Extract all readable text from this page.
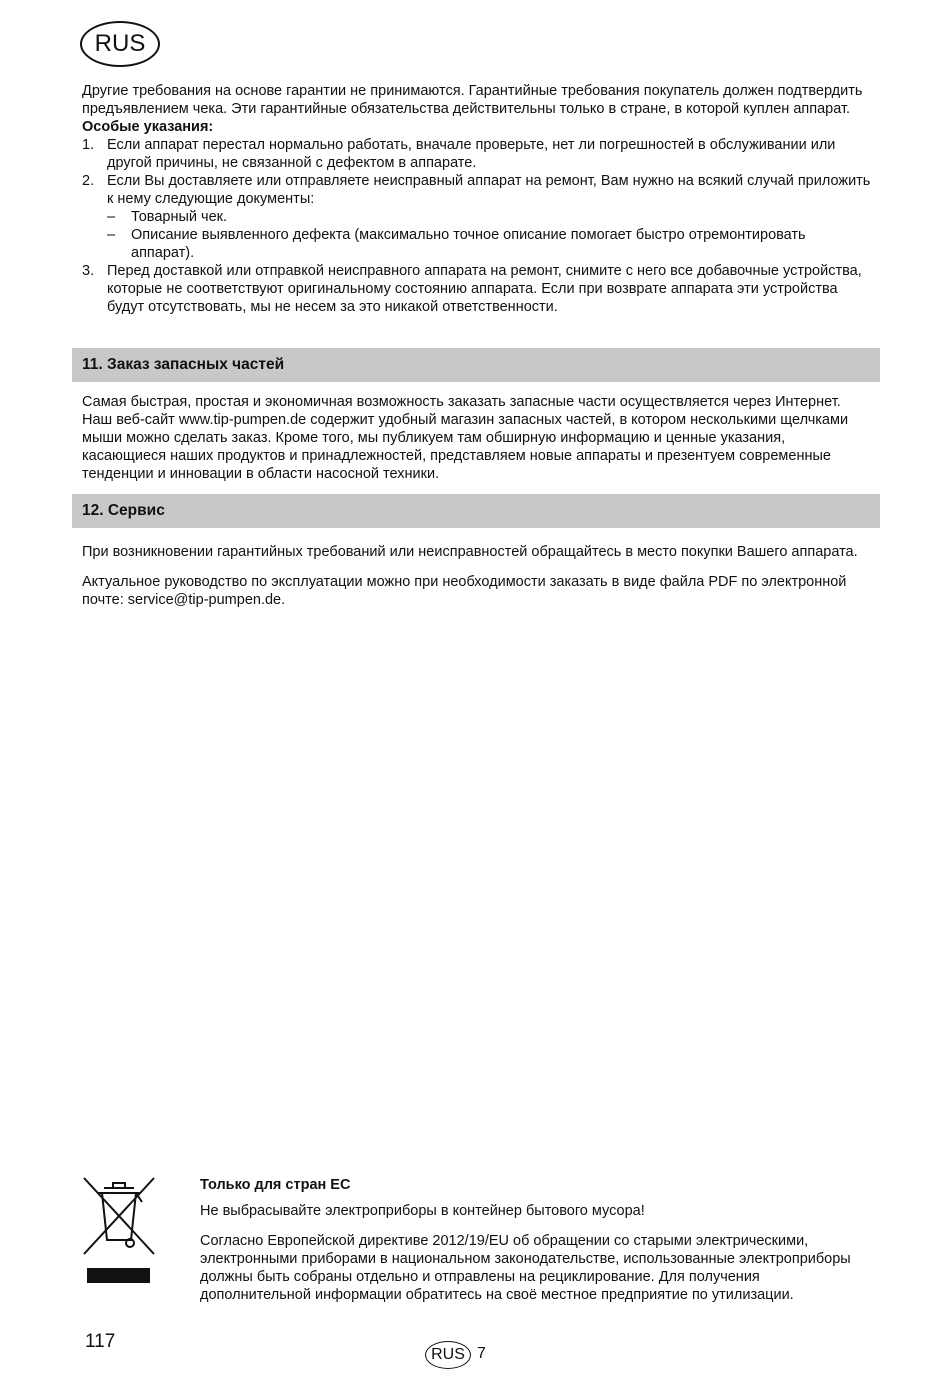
RUS

Другие требования на основе гарантии не принимаются. Гарантийные требования покупатель должен подтвердить предъявлением чека. Эти гарантийные обязательства действительны только в стране, в которой куплен аппарат.

Особые указания:

1. Если аппарат перестал нормально работать, вначале проверьте, нет ли погрешностей в обслуживании или другой причины, не связанной с дефектом в аппарате.
2. Если Вы доставляете или отправляете неисправный аппарат на ремонт, Вам нужно на всякий случай приложить к нему следующие документы:
– Товарный чек.
– Описание выявленного дефекта (максимально точное описание помогает быстро отремонтировать аппарат).
3. Перед доставкой или отправкой неисправного аппарата на ремонт, снимите с него все добавочные устройства, которые не соответствуют оригинальному состоянию аппарата. Если при возврате аппарата эти устройства будут отсутствовать, мы не несем за это никакой ответственности.
11. Заказ запасных частей

Самая быстрая, простая и экономичная возможность заказать запасные части осуществляется через Интернет. Наш веб-сайт www.tip-pumpen.de содержит удобный магазин запасных частей, в котором несколькими щелчками мыши можно сделать заказ. Кроме того, мы публикуем там обширную информацию и ценные указания, касающиеся наших продуктов и принадлежностей, представляем новые аппараты и презентуем современные тенденции и инновации в области насосной техники.

12. Сервис

При возникновении гарантийных требований или неисправностей обращайтесь в место покупки Вашего аппарата.

Актуальное руководство по эксплуатации можно при необходимости заказать в виде файла PDF по электронной почте: service@tip-pumpen.de.

Только для стран ЕС

Не выбрасывайте электроприборы в контейнер бытового мусора!

Согласно Европейской директиве 2012/19/EU об обращении со старыми электрическими, электронными приборами в национальном законодательстве, использованные электроприборы должны быть собраны отдельно и отправлены на рециклирование. Для получения дополнительной информации обратитесь на своё местное предприятие по утилизации.

117
RUS 7
